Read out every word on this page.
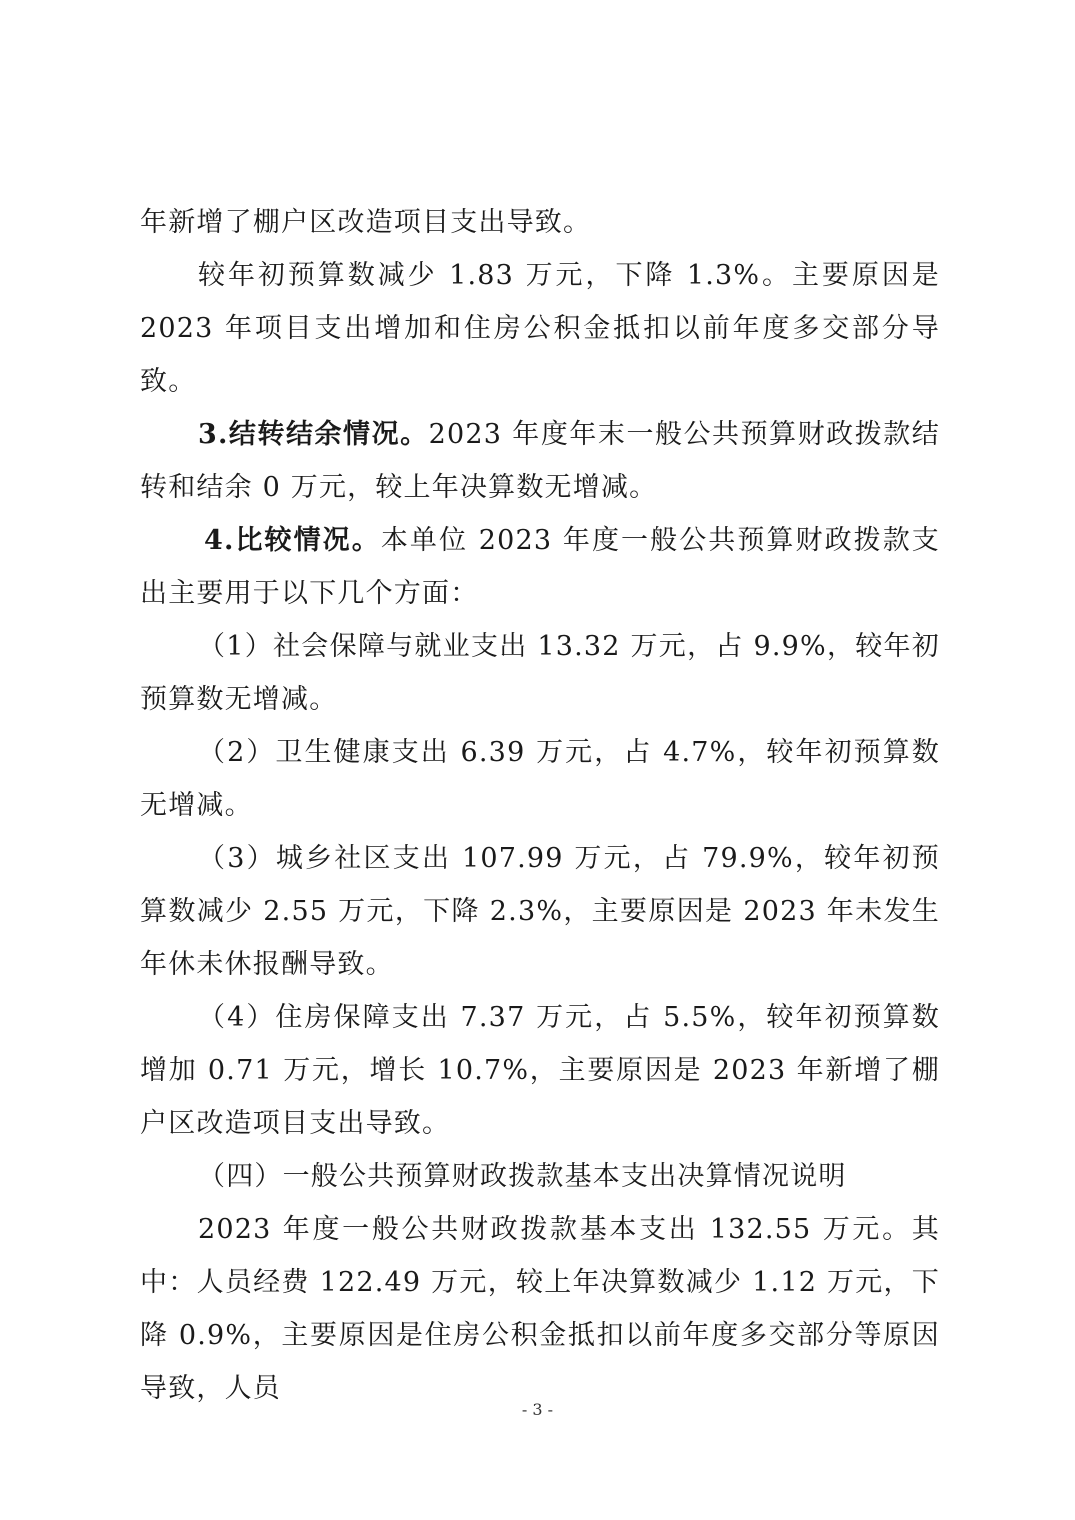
年新增了棚户区改造项目支出导致。

较年初预算数减少 1.83 万元，下降 1.3%。主要原因是 2023 年项目支出增加和住房公积金抵扣以前年度多交部分导致。

3.结转结余情况。2023 年度年末一般公共预算财政拨款结转和结余 0 万元，较上年决算数无增减。

4.比较情况。本单位 2023 年度一般公共预算财政拨款支出主要用于以下几个方面：

（1）社会保障与就业支出 13.32 万元，占 9.9%，较年初预算数无增减。

（2）卫生健康支出 6.39 万元，占 4.7%，较年初预算数无增减。

（3）城乡社区支出 107.99 万元，占 79.9%，较年初预算数减少 2.55 万元，下降 2.3%，主要原因是 2023 年未发生年休未休报酬导致。

（4）住房保障支出 7.37 万元，占 5.5%，较年初预算数增加 0.71 万元，增长 10.7%，主要原因是 2023 年新增了棚户区改造项目支出导致。

（四）一般公共预算财政拨款基本支出决算情况说明

2023 年度一般公共财政拨款基本支出 132.55 万元。其中：人员经费 122.49 万元，较上年决算数减少 1.12 万元，下降 0.9%，主要原因是住房公积金抵扣以前年度多交部分等原因导致，人员

- 3 -
